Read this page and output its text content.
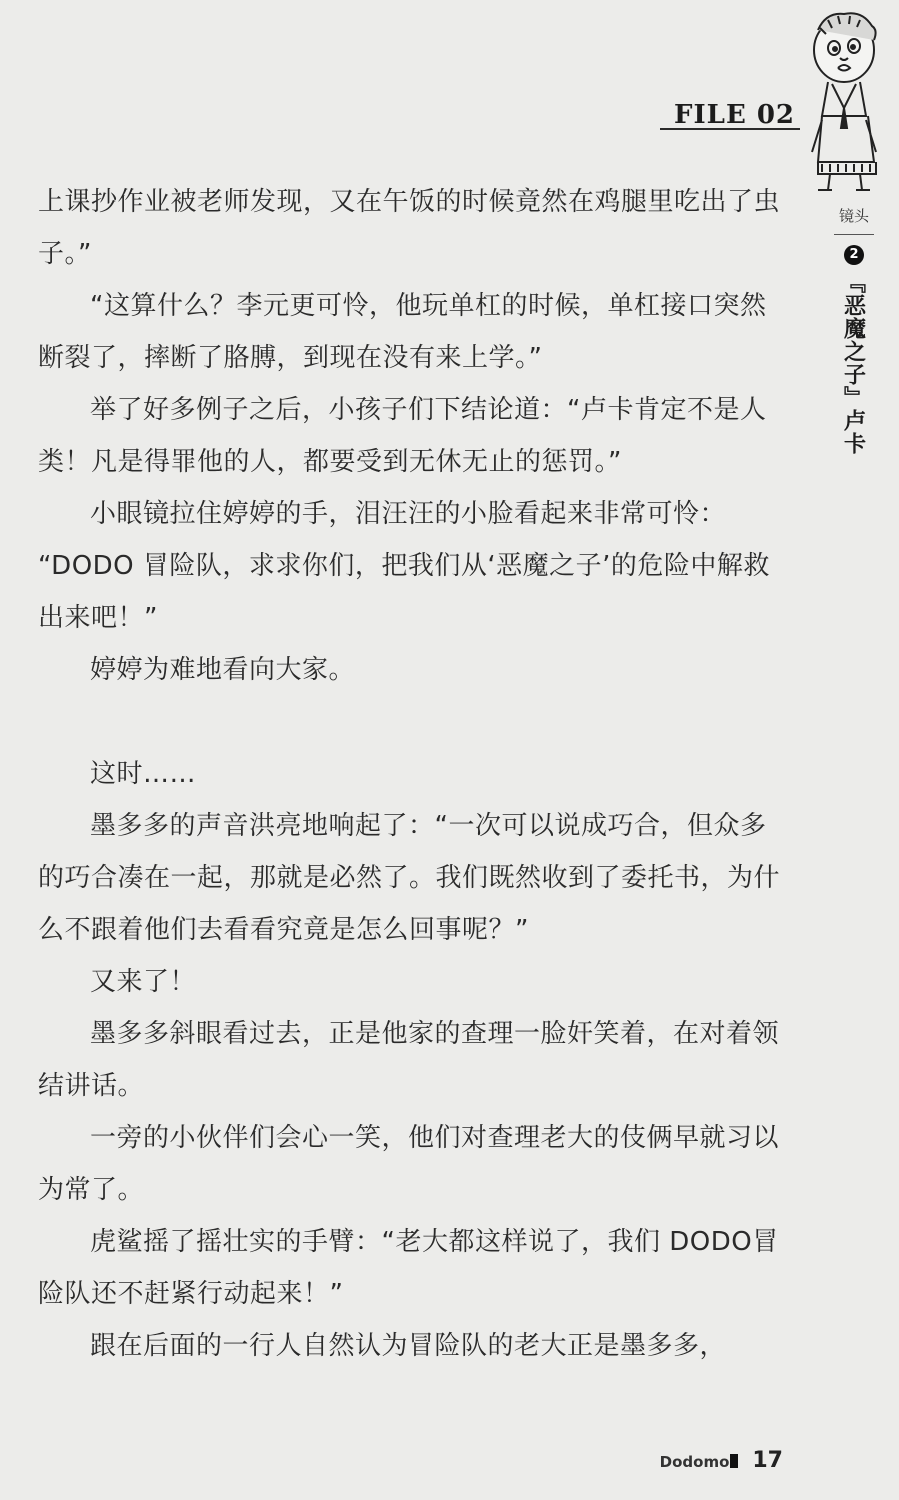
FILE 02
镜头
2
『恶魔之子』卢卡

上课抄作业被老师发现，又在午饭的时候竟然在鸡腿里吃出了虫子。”

“这算什么？李元更可怜，他玩单杠的时候，单杠接口突然断裂了，摔断了胳膊，到现在没有来上学。”

举了好多例子之后，小孩子们下结论道：“卢卡肯定不是人类！凡是得罪他的人，都要受到无休无止的惩罚。”

小眼镜拉住婷婷的手，泪汪汪的小脸看起来非常可怜：

“DODO 冒险队，求求你们，把我们从‘恶魔之子’的危险中解救出来吧！”

婷婷为难地看向大家。

这时……

墨多多的声音洪亮地响起了：“一次可以说成巧合，但众多的巧合凑在一起，那就是必然了。我们既然收到了委托书，为什么不跟着他们去看看究竟是怎么回事呢？”

又来了！

墨多多斜眼看过去，正是他家的查理一脸奸笑着，在对着领结讲话。

一旁的小伙伴们会心一笑，他们对查理老大的伎俩早就习以为常了。

虎鲨摇了摇壮实的手臂：“老大都这样说了，我们 DODO冒险队还不赶紧行动起来！”

跟在后面的一行人自然认为冒险队的老大正是墨多多，

Dodomo	17
